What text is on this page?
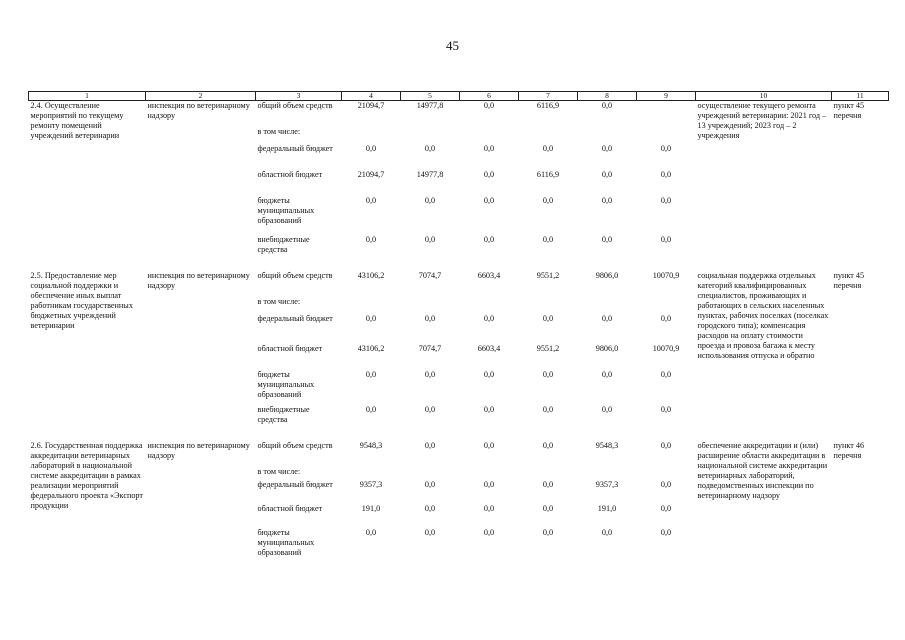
45
1	2	3	4	5	6	7	8	9	10	11
2.4. Осуществление мероприятий по текущему ремонту помещений учреждений ветеринарии	инспекция по ветеринарному надзору	общий объем средств	21094,7	14977,8	0,0	6116,9	0,0		осуществление текущего ремонта учреждений ветеринарии: 2021 год – 13 учреждений; 2023 год – 2 учреждения	пункт 45 перечня
		в том числе:								
		федеральный бюджет	0,0	0,0	0,0	0,0	0,0	0,0		
		областной бюджет	21094,7	14977,8	0,0	6116,9	0,0	0,0		
		бюджеты муниципальных образований	0,0	0,0	0,0	0,0	0,0	0,0		
		внебюджетные средства	0,0	0,0	0,0	0,0	0,0	0,0		

2.5. Предоставление мер социальной поддержки и обеспечение иных выплат работникам государственных бюджетных учреждений ветеринарии	инспекция по ветеринарному надзору	общий объем средств	43106,2	7074,7	6603,4	9551,2	9806,0	10070,9	социальная поддержка отдельных категорий квалифицированных специалистов, проживающих и работающих в сельских населенных пунктах, рабочих поселках (поселках городского типа); компенсация расходов на оплату стоимости проезда и провоза багажа к месту использования отпуска и обратно	пункт 45 перечня
		в том числе:								
		федеральный бюджет	0,0	0,0	0,0	0,0	0,0	0,0		
		областной бюджет	43106,2	7074,7	6603,4	9551,2	9806,0	10070,9		
		бюджеты муниципальных образований	0,0	0,0	0,0	0,0	0,0	0,0		
		внебюджетные средства	0,0	0,0	0,0	0,0	0,0	0,0		

2.6. Государственная поддержка аккредитации ветеринарных лабораторий в национальной системе аккредитации в рамках реализации мероприятий федерального проекта «Экспорт продукции	инспекция по ветеринарному надзору	общий объем средств	9548,3	0,0	0,0	0,0	9548,3	0,0	обеспечение аккредитации и (или) расширение области аккредитации в национальной системе аккредитации ветеринарных лабораторий, подведомственных инспекции по ветеринарному надзору	пункт 46 перечня
		в том числе:								
		федеральный бюджет	9357,3	0,0	0,0	0,0	9357,3	0,0		
		областной бюджет	191,0	0,0	0,0	0,0	191,0	0,0		
		бюджеты муниципальных образований	0,0	0,0	0,0	0,0	0,0	0,0		
